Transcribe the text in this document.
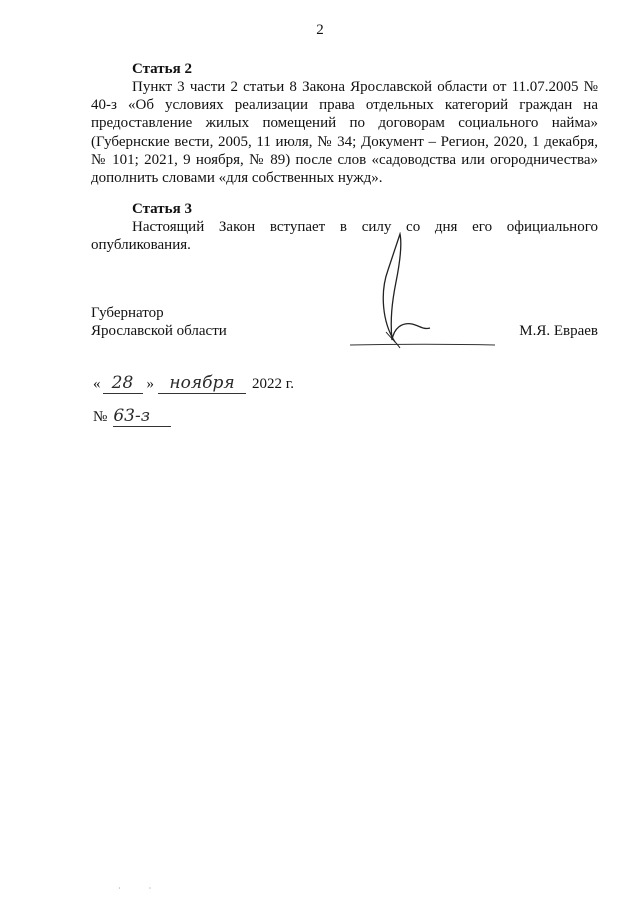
2
Статья 2

Пункт 3 части 2 статьи 8 Закона Ярославской области от 11.07.2005 № 40-з «Об условиях реализации права отдельных категорий граждан на предоставление жилых помещений по договорам социального найма» (Губернские вести, 2005, 11 июля, № 34; Документ – Регион, 2020, 1 декабря, № 101; 2021, 9 ноября, № 89) после слов «садоводства или огородничества» дополнить словами «для собственных нужд».

Статья 3

Настоящий Закон вступает в силу со дня его официального опубликования.

Губернатор
Ярославской области	М.Я. Евраев
« 28 » ноября 2022 г.
№ 63-з
·              ·
